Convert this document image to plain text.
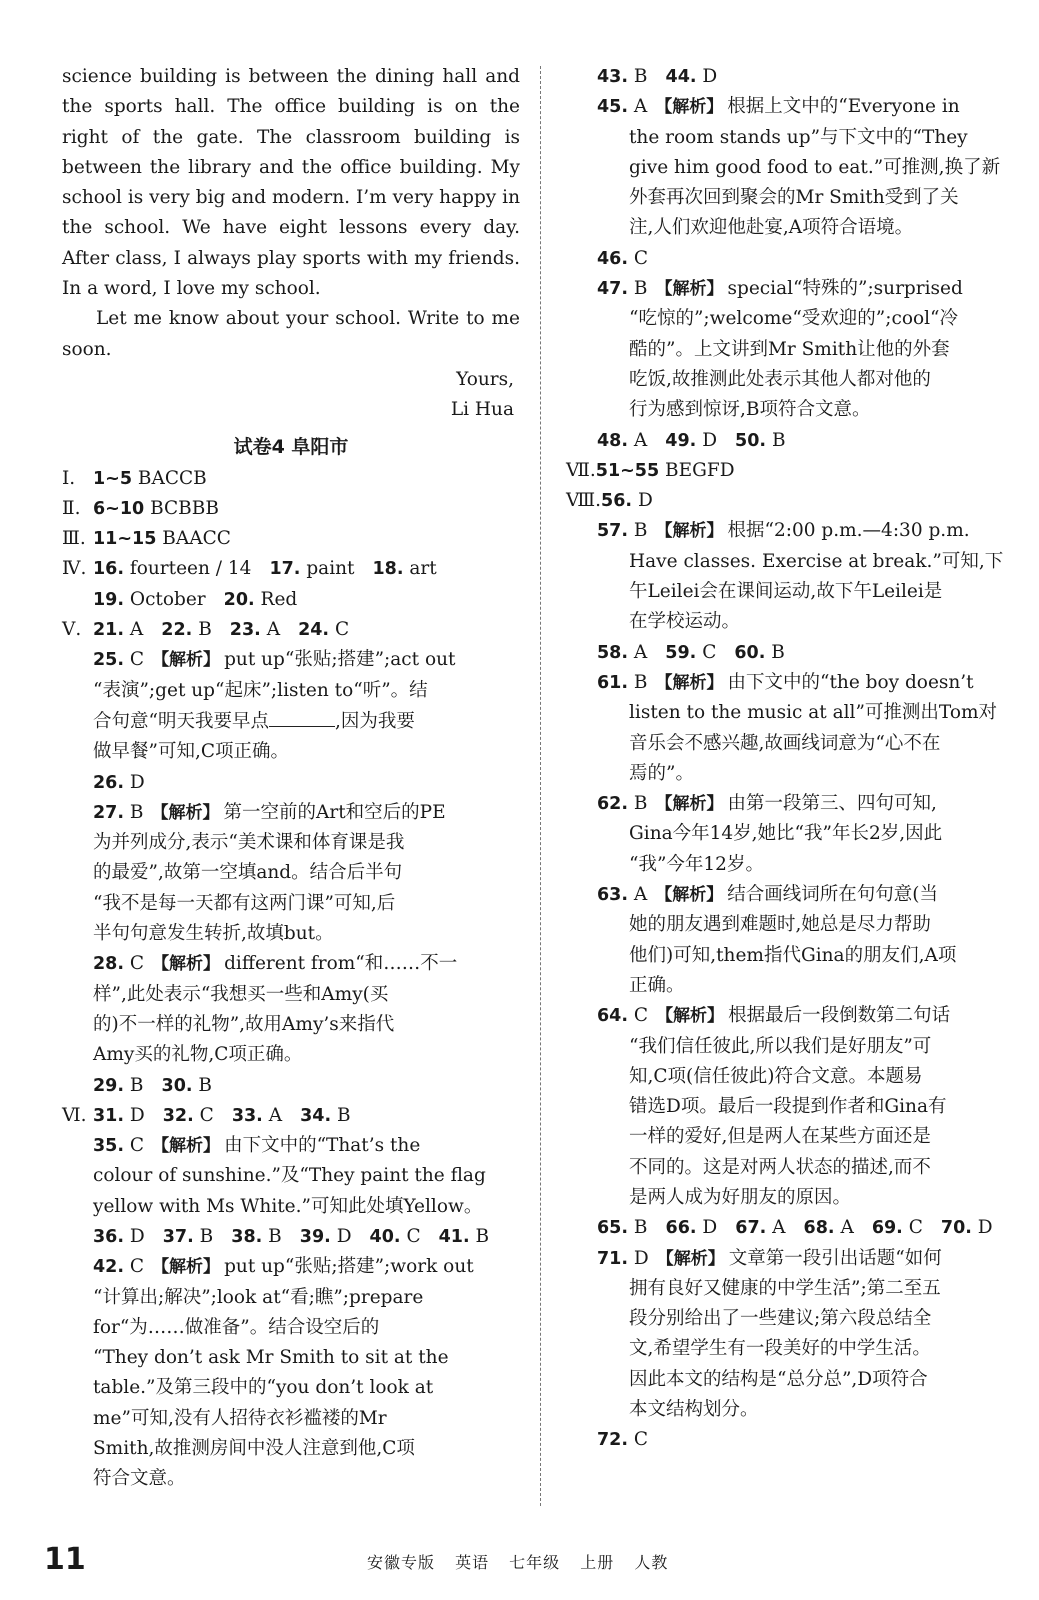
science building is between the dining hall and the sports hall. The office building is on the right of the gate. The classroom building is between the library and the office building. My school is very big and modern. I’m very happy in the school. We have eight lessons every day. After class, I always play sports with my friends. In a word, I love my school.
Let me know about your school. Write to me soon.
Yours,
Li Hua
试卷4 阜阳市
Ⅰ. 1~5 BACCB
Ⅱ. 6~10 BCBBB
Ⅲ. 11~15 BAACC
Ⅳ. 16. fourteen / 14 17. paint 18. art
19. October 20. Red
Ⅴ. 21. A 22. B 23. A 24. C
25. C 【解析】 put up“张贴;搭建”;act out
“表演”;get up“起床”;listen to“听”。结
合句意“明天我要早点	,因为我要
做早餐”可知,C项正确。
26. D
27. B 【解析】 第一空前的Art和空后的PE
为并列成分,表示“美术课和体育课是我
的最爱”,故第一空填and。结合后半句
“我不是每一天都有这两门课”可知,后
半句句意发生转折,故填but。
28. C 【解析】 different from“和……不一
样”,此处表示“我想买一些和Amy(买
的)不一样的礼物”,故用Amy’s来指代
Amy买的礼物,C项正确。
29. B 30. B
Ⅵ. 31. D 32. C 33. A 34. B
35. C 【解析】 由下文中的“That’s the
colour of sunshine.”及“They paint the flag
yellow with Ms White.”可知此处填Yellow。
36. D 37. B 38. B 39. D 40. C 41. B
42. C 【解析】 put up“张贴;搭建”;work out
“计算出;解决”;look at“看;瞧”;prepare
for“为……做准备”。结合设空后的
“They don’t ask Mr Smith to sit at the
table.”及第三段中的“you don’t look at
me”可知,没有人招待衣衫褴褛的Mr
Smith,故推测房间中没人注意到他,C项
符合文意。
43. B 44. D
45. A 【解析】 根据上文中的“Everyone in
the room stands up”与下文中的“They
give him good food to eat.”可推测,换了新
外套再次回到聚会的Mr Smith受到了关
注,人们欢迎他赴宴,A项符合语境。
46. C
47. B 【解析】 special“特殊的”;surprised
“吃惊的”;welcome“受欢迎的”;cool“冷
酷的”。上文讲到Mr Smith让他的外套
吃饭,故推测此处表示其他人都对他的
行为感到惊讶,B项符合文意。
48. A 49. D 50. B
Ⅶ.51~55 BEGFD
Ⅷ.56. D
57. B 【解析】 根据“2:00 p.m.—4:30 p.m.
Have classes. Exercise at break.”可知,下
午Leilei会在课间运动,故下午Leilei是
在学校运动。
58. A 59. C 60. B
61. B 【解析】 由下文中的“the boy doesn’t
listen to the music at all”可推测出Tom对
音乐会不感兴趣,故画线词意为“心不在
焉的”。
62. B 【解析】 由第一段第三、四句可知,
Gina今年14岁,她比“我”年长2岁,因此
“我”今年12岁。
63. A 【解析】 结合画线词所在句句意(当
她的朋友遇到难题时,她总是尽力帮助
他们)可知,them指代Gina的朋友们,A项
正确。
64. C 【解析】 根据最后一段倒数第二句话
“我们信任彼此,所以我们是好朋友”可
知,C项(信任彼此)符合文意。本题易
错选D项。最后一段提到作者和Gina有
一样的爱好,但是两人在某些方面还是
不同的。这是对两人状态的描述,而不
是两人成为好朋友的原因。
65. B 66. D 67. A 68. A 69. C 70. D
71. D 【解析】 文章第一段引出话题“如何
拥有良好又健康的中学生活”;第二至五
段分别给出了一些建议;第六段总结全
文,希望学生有一段美好的中学生活。
因此本文的结构是“总分总”,D项符合
本文结构划分。
72. C
11	安徽专版 英语 七年级 上册 人教
